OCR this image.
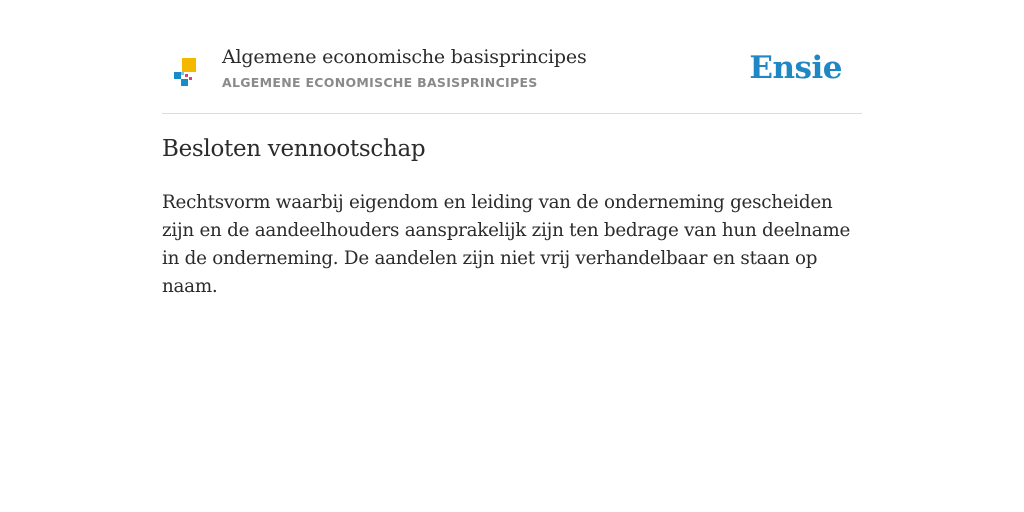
Algemene economische basisprincipes
ALGEMENE ECONOMISCHE BASISPRINCIPES	Ensie
Besloten vennootschap

Rechtsvorm waarbij eigendom en leiding van de onderneming gescheiden zijn en de aandeelhouders aansprakelijk zijn ten bedrage van hun deelname in de onderneming. De aandelen zijn niet vrij verhandelbaar en staan op naam.
